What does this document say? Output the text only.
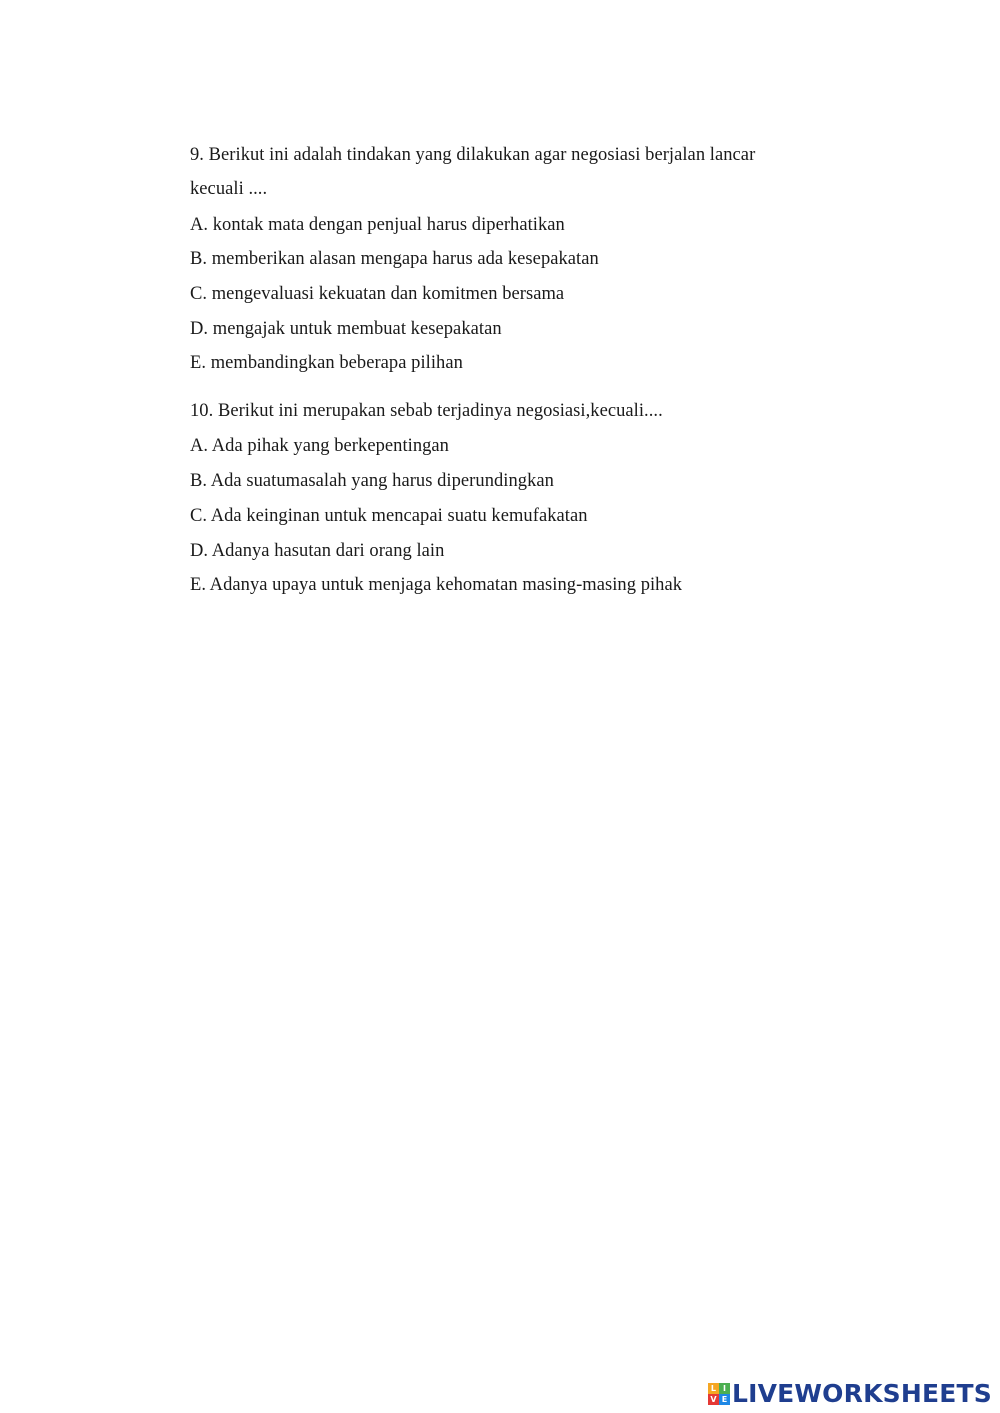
9. Berikut ini adalah tindakan yang dilakukan agar negosiasi berjalan lancar
kecuali ....
A. kontak mata dengan penjual harus diperhatikan
B. memberikan alasan mengapa harus ada kesepakatan
C. mengevaluasi kekuatan dan komitmen bersama
D. mengajak untuk membuat kesepakatan
E. membandingkan beberapa pilihan
10. Berikut ini merupakan sebab terjadinya negosiasi,kecuali....
A. Ada pihak yang berkepentingan
B. Ada suatumasalah yang harus diperundingkan
C. Ada keinginan untuk mencapai suatu kemufakatan
D. Adanya hasutan dari orang lain
E. Adanya upaya untuk menjaga kehomatan masing-masing pihak
L I
V E LIVEWORKSHEETS
